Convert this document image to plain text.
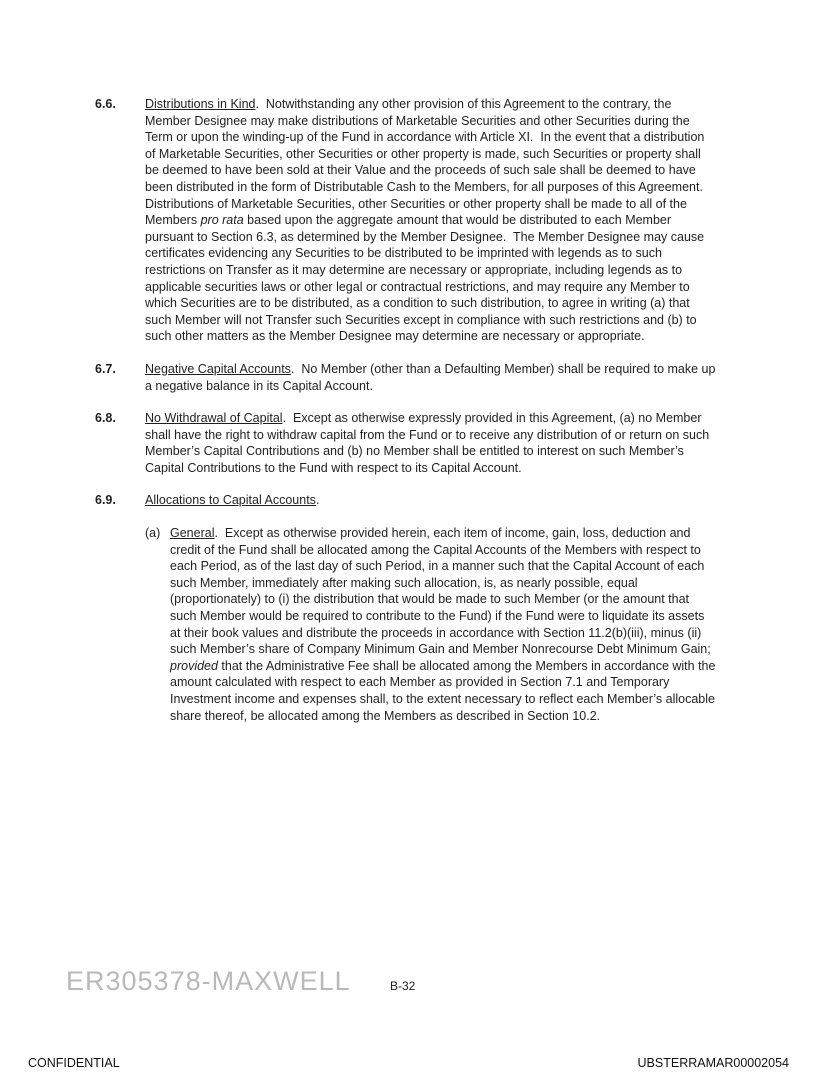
6.6.	Distributions in Kind.  Notwithstanding any other provision of this Agreement to the contrary, the Member Designee may make distributions of Marketable Securities and other Securities during the Term or upon the winding-up of the Fund in accordance with Article XI.  In the event that a distribution of Marketable Securities, other Securities or other property is made, such Securities or property shall be deemed to have been sold at their Value and the proceeds of such sale shall be deemed to have been distributed in the form of Distributable Cash to the Members, for all purposes of this Agreement.  Distributions of Marketable Securities, other Securities or other property shall be made to all of the Members pro rata based upon the aggregate amount that would be distributed to each Member pursuant to Section 6.3, as determined by the Member Designee.  The Member Designee may cause certificates evidencing any Securities to be distributed to be imprinted with legends as to such restrictions on Transfer as it may determine are necessary or appropriate, including legends as to applicable securities laws or other legal or contractual restrictions, and may require any Member to which Securities are to be distributed, as a condition to such distribution, to agree in writing (a) that such Member will not Transfer such Securities except in compliance with such restrictions and (b) to such other matters as the Member Designee may determine are necessary or appropriate.
6.7.	Negative Capital Accounts.  No Member (other than a Defaulting Member) shall be required to make up a negative balance in its Capital Account.
6.8.	No Withdrawal of Capital.  Except as otherwise expressly provided in this Agreement, (a) no Member shall have the right to withdraw capital from the Fund or to receive any distribution of or return on such Member’s Capital Contributions and (b) no Member shall be entitled to interest on such Member’s Capital Contributions to the Fund with respect to its Capital Account.
6.9.	Allocations to Capital Accounts.
(a) General.  Except as otherwise provided herein, each item of income, gain, loss, deduction and credit of the Fund shall be allocated among the Capital Accounts of the Members with respect to each Period, as of the last day of such Period, in a manner such that the Capital Account of each such Member, immediately after making such allocation, is, as nearly possible, equal (proportionately) to (i) the distribution that would be made to such Member (or the amount that such Member would be required to contribute to the Fund) if the Fund were to liquidate its assets at their book values and distribute the proceeds in accordance with Section 11.2(b)(iii), minus (ii) such Member’s share of Company Minimum Gain and Member Nonrecourse Debt Minimum Gain; provided that the Administrative Fee shall be allocated among the Members in accordance with the amount calculated with respect to each Member as provided in Section 7.1 and Temporary Investment income and expenses shall, to the extent necessary to reflect each Member’s allocable share thereof, be allocated among the Members as described in Section 10.2.
ER305378-MAXWELL	B-32
CONFIDENTIAL	UBSTERRAMAR00002054
